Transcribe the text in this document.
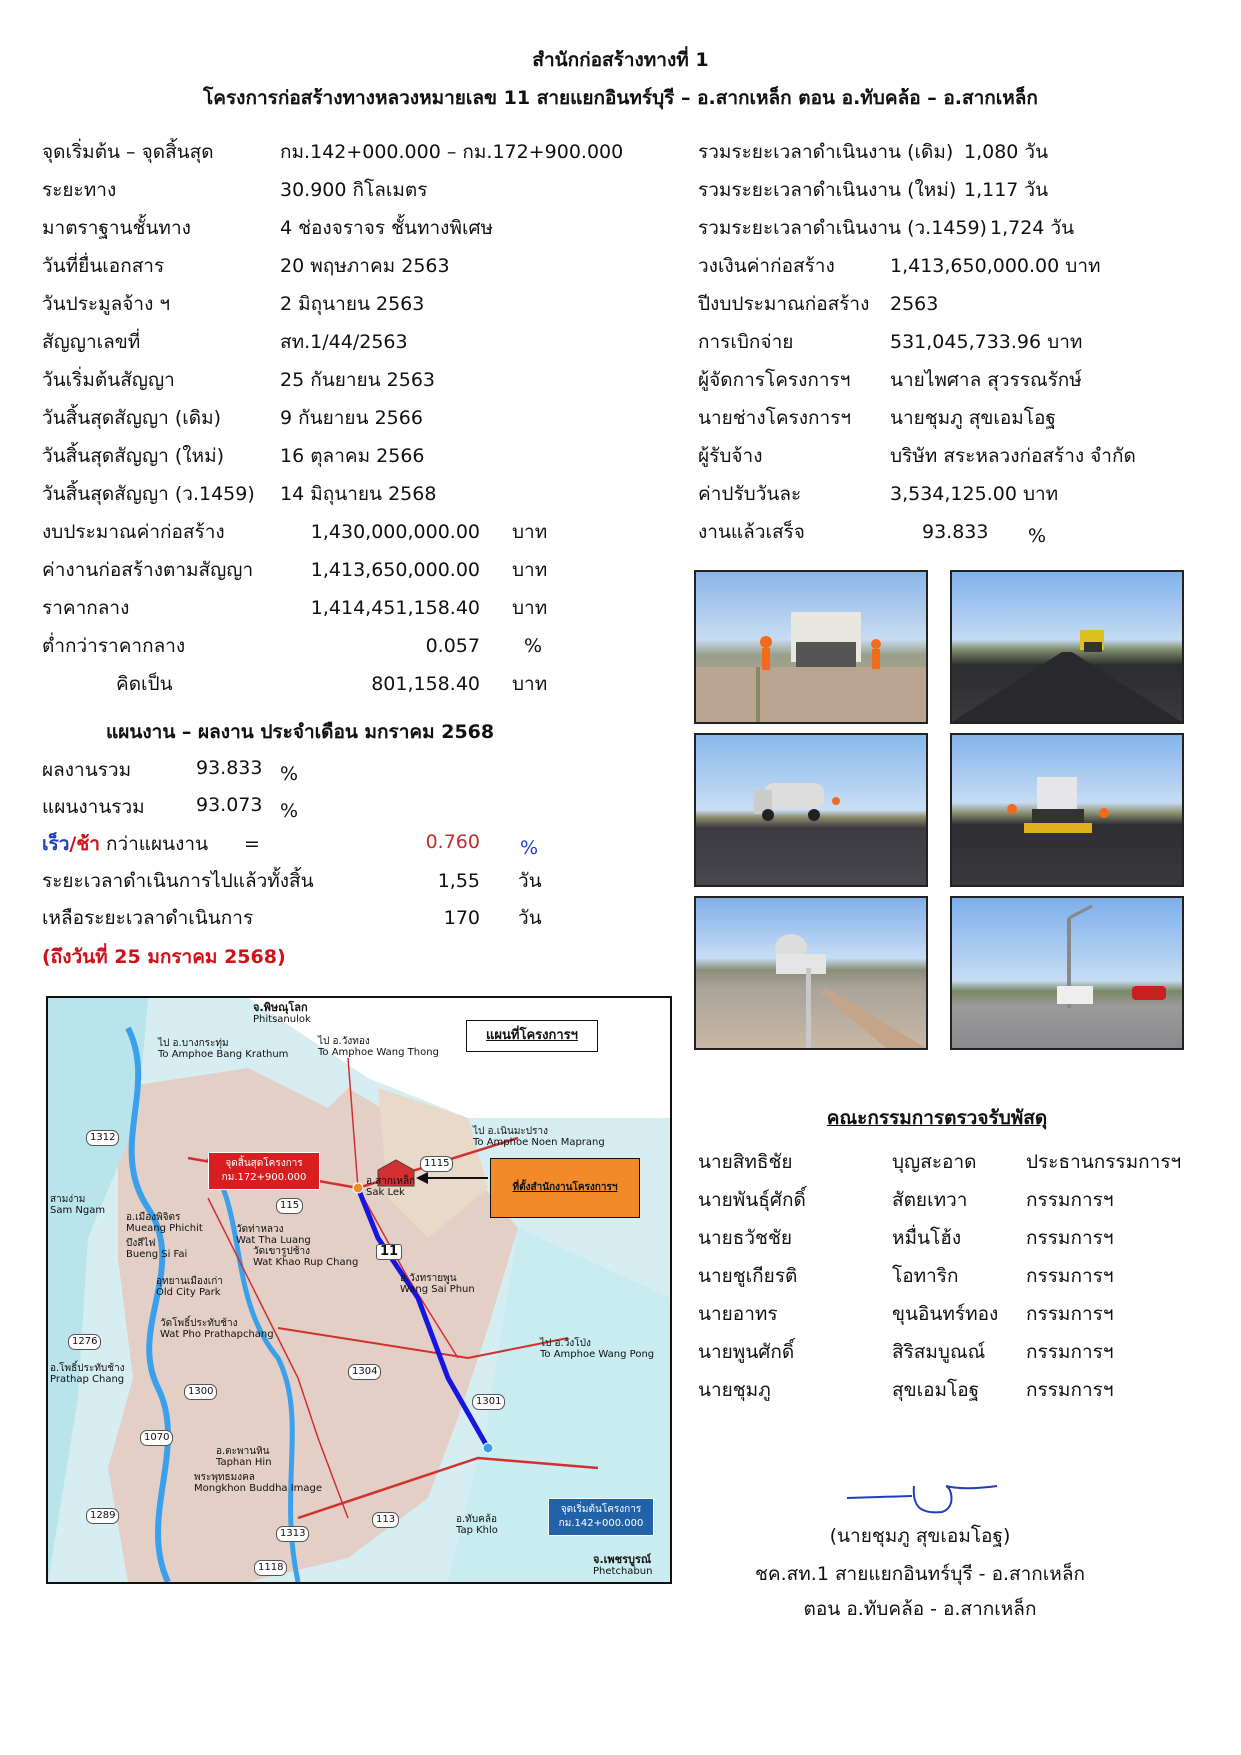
สำนักก่อสร้างทางที่ 1
โครงการก่อสร้างทางหลวงหมายเลข 11 สายแยกอินทร์บุรี – อ.สากเหล็ก ตอน อ.ทับคล้อ – อ.สากเหล็ก
จุดเริ่มต้น – จุดสิ้นสุด	กม.142+000.000 – กม.172+900.000
ระยะทาง	30.900 กิโลเมตร
มาตราฐานชั้นทาง	4 ช่องจราจร ชั้นทางพิเศษ
วันที่ยื่นเอกสาร	20 พฤษภาคม 2563
วันประมูลจ้าง ฯ	2 มิถุนายน 2563
สัญญาเลขที่	สท.1/44/2563
วันเริ่มต้นสัญญา	25 กันยายน 2563
วันสิ้นสุดสัญญา (เดิม)	9 กันยายน 2566
วันสิ้นสุดสัญญา (ใหม่)	16 ตุลาคม 2566
วันสิ้นสุดสัญญา (ว.1459) 14 มิถุนายน 2568
งบประมาณค่าก่อสร้าง	1,430,000,000.00 บาท
ค่างานก่อสร้างตามสัญญา	1,413,650,000.00 บาท
ราคากลาง	1,414,451,158.40 บาท
ต่ำกว่าราคากลาง	0.057 %
คิดเป็น	801,158.40 บาท
รวมระยะเวลาดำเนินงาน (เดิม) 1,080 วัน
รวมระยะเวลาดำเนินงาน (ใหม่) 1,117 วัน
รวมระยะเวลาดำเนินงาน (ว.1459) 1,724 วัน
วงเงินค่าก่อสร้าง	1,413,650,000.00 บาท
ปีงบประมาณก่อสร้าง 2563
การเบิกจ่าย	531,045,733.96 บาท
ผู้จัดการโครงการฯ นายไพศาล สุวรรณรักษ์
นายช่างโครงการฯ นายชุมภู สุขเอมโอฐ
ผู้รับจ้าง	บริษัท สระหลวงก่อสร้าง จำกัด
ค่าปรับวันละ	3,534,125.00 บาท
งานแล้วเสร็จ	93.833 %
แผนงาน – ผลงาน ประจำเดือน มกราคม 2568
ผลงานรวม	93.833 %
แผนงานรวม	93.073 %
เร็ว/ช้า กว่าแผนงาน =	0.760 %
ระยะเวลาดำเนินการไปแล้วทั้งสิ้น	1,55 วัน
เหลือระยะเวลาดำเนินการ	170 วัน
(ถึงวันที่ 25 มกราคม 2568)
คณะกรรมการตรวจรับพัสดุ
นายสิทธิชัย	บุญสะอาด	ประธานกรรมการฯ
นายพันธุ์ศักดิ์	สัตยเทวา	กรรมการฯ
นายธวัชชัย	หมื่นโฮ้ง	กรรมการฯ
นายชูเกียรติ	โอทาริก	กรรมการฯ
นายอาทร	ขุนอินทร์ทอง กรรมการฯ
นายพูนศักดิ์	สิริสมบูณณ์ กรรมการฯ
นายชุมภู	สุขเอมโอฐ กรรมการฯ
(นายชุมภู สุขเอมโอฐ)
ชค.สท.1 สายแยกอินทร์บุรี - อ.สากเหล็ก
ตอน อ.ทับคล้อ - อ.สากเหล็ก
จ.พิษณุโลก
Phitsanulok
ไป อ.บางกระทุ่ม
To Amphoe Bang Krathum
ไป อ.วังทอง
To Amphoe Wang Thong
ไป อ.เนินมะปราง
To Amphoe Noen Maprang
อ.สากเหล็ก
Sak Lek
อ.เมืองพิจิตร
Mueang Phichit
บึงสีไฟ
Bueng Si Fai
วัดท่าหลวง
Wat Tha Luang
วัดเขารูปช้าง
Wat Khao Rup Chang
อุทยานเมืองเก่า
Old City Park
วัดโพธิ์ประทับช้าง
Wat Pho Prathapchang
อ.วังทรายพูน
Wang Sai Phun
ไป อ.วังโป่ง
To Amphoe Wang Pong
อ.โพธิ์ประทับช้าง
Prathap Chang
อ.ตะพานหิน
Taphan Hin
พระพุทธมงคล
Mongkhon Buddha Image
อ.ทับคล้อ
Tap Khlo
จ.เพชรบูรณ์
Phetchabun
สามง่าม
Sam Ngam
1312
1115
115
1276
1304
1300
1301
1070
1289	113
1313
1118
11
แผนที่โครงการฯ
ที่ตั้งสำนักงานโครงการฯ
จุดสิ้นสุดโครงการ
กม.172+900.000
จุดเริ่มต้นโครงการ
กม.142+000.000
